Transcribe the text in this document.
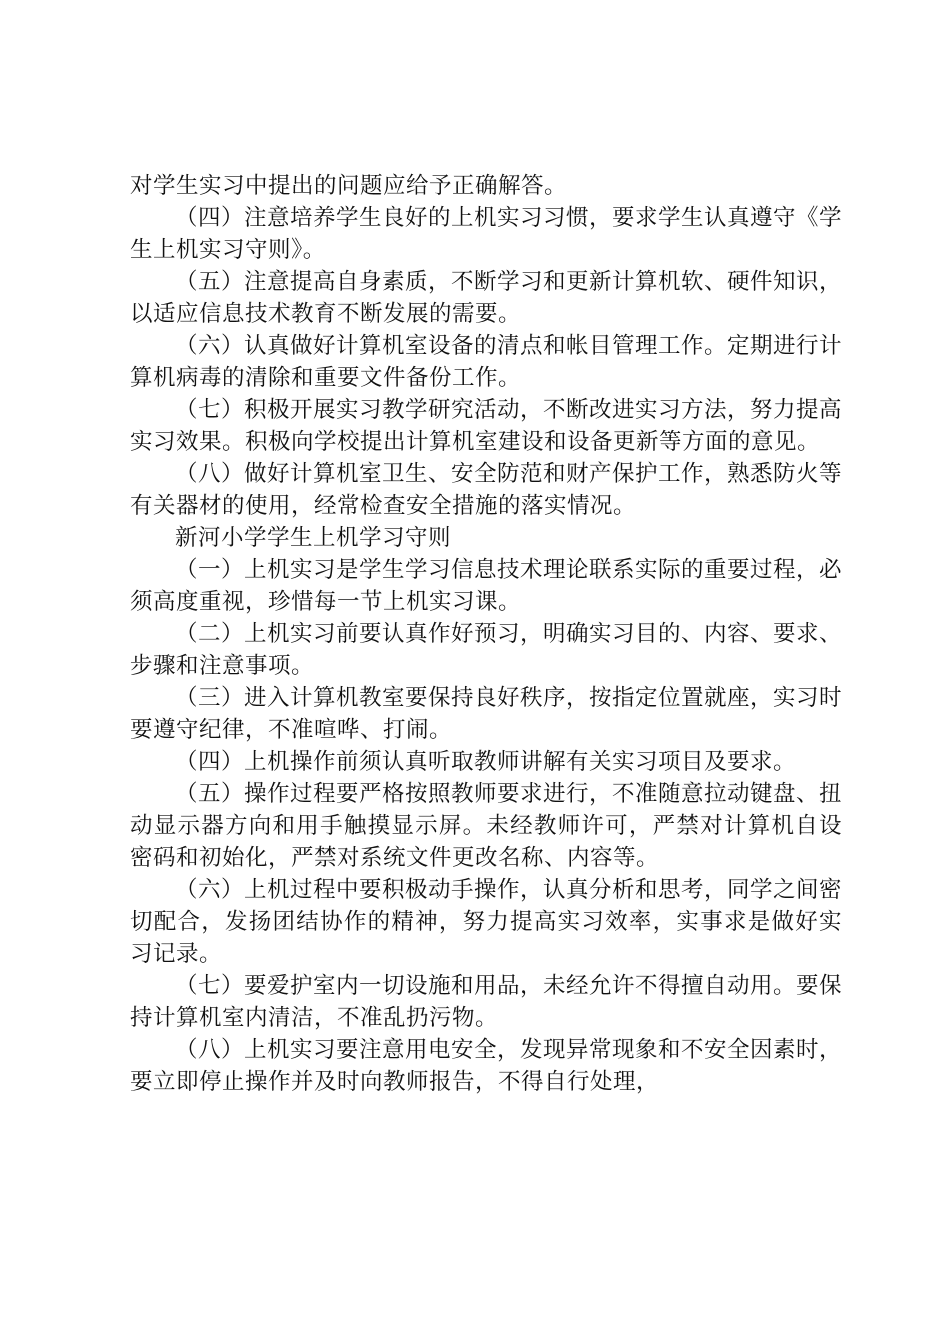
对学生实习中提出的问题应给予正确解答。

（四）注意培养学生良好的上机实习习惯，要求学生认真遵守《学生上机实习守则》。

（五）注意提高自身素质，不断学习和更新计算机软、硬件知识，以适应信息技术教育不断发展的需要。

（六）认真做好计算机室设备的清点和帐目管理工作。定期进行计算机病毒的清除和重要文件备份工作。

（七）积极开展实习教学研究活动，不断改进实习方法，努力提高实习效果。积极向学校提出计算机室建设和设备更新等方面的意见。

（八）做好计算机室卫生、安全防范和财产保护工作，熟悉防火等有关器材的使用，经常检查安全措施的落实情况。

新河小学学生上机学习守则

（一）上机实习是学生学习信息技术理论联系实际的重要过程，必须高度重视，珍惜每一节上机实习课。

（二）上机实习前要认真作好预习，明确实习目的、内容、要求、步骤和注意事项。

（三）进入计算机教室要保持良好秩序，按指定位置就座，实习时要遵守纪律，不准喧哗、打闹。

（四）上机操作前须认真听取教师讲解有关实习项目及要求。

（五）操作过程要严格按照教师要求进行，不准随意拉动键盘、扭动显示器方向和用手触摸显示屏。未经教师许可，严禁对计算机自设密码和初始化，严禁对系统文件更改名称、内容等。

（六）上机过程中要积极动手操作，认真分析和思考，同学之间密切配合，发扬团结协作的精神，努力提高实习效率，实事求是做好实习记录。

（七）要爱护室内一切设施和用品，未经允许不得擅自动用。要保持计算机室内清洁，不准乱扔污物。

（八）上机实习要注意用电安全，发现异常现象和不安全因素时，要立即停止操作并及时向教师报告，不得自行处理，
